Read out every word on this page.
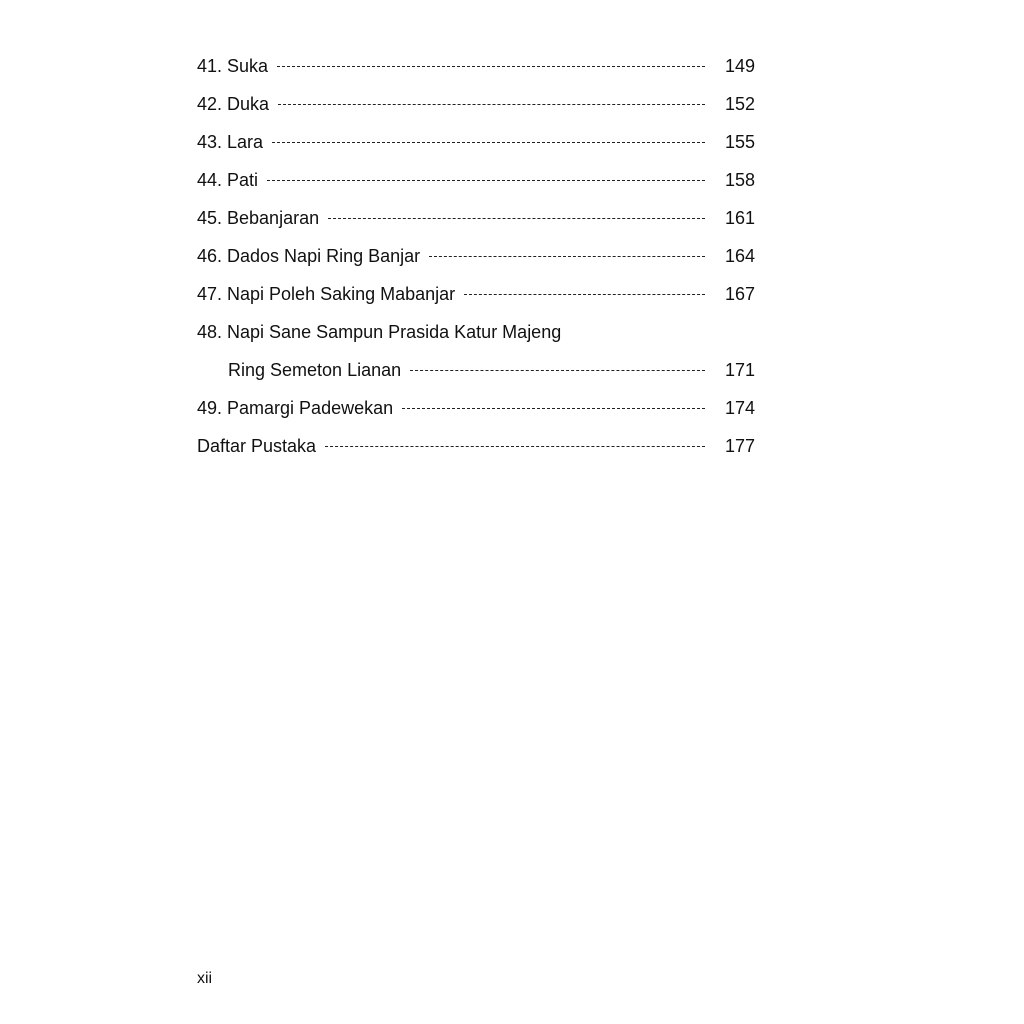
41. Suka	149
42. Duka	152
43. Lara	155
44. Pati	158
45. Bebanjaran	161
46. Dados Napi Ring Banjar	164
47. Napi Poleh Saking Mabanjar	167
48. Napi Sane Sampun Prasida Katur Majeng
Ring Semeton Lianan	171
49. Pamargi Padewekan	174
Daftar Pustaka	177
xii
